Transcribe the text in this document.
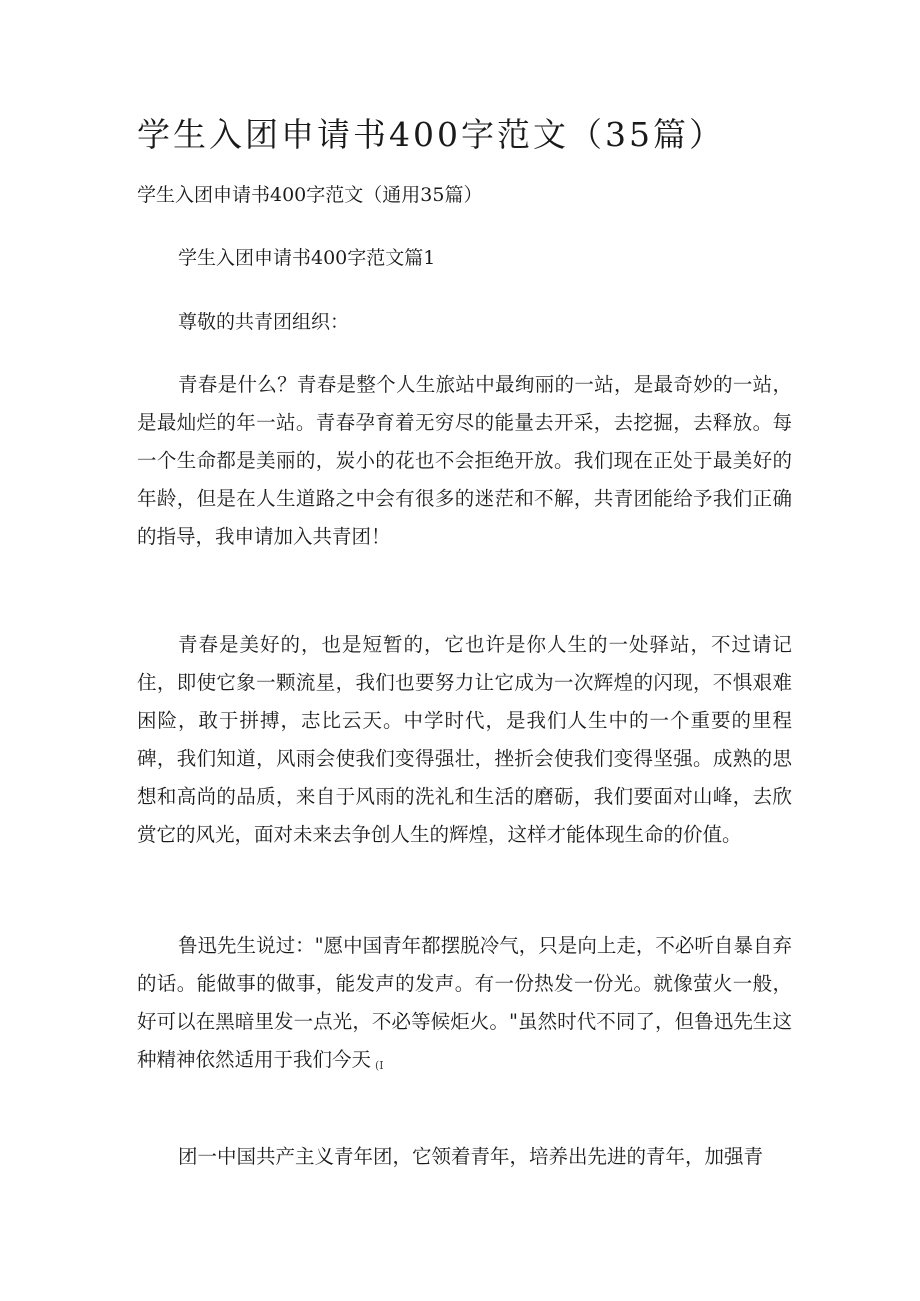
学生入团申请书400字范文（35篇）

学生入团申请书400字范文（通用35篇）

学生入团申请书400字范文篇1

尊敬的共青团组织：

青春是什么？青春是整个人生旅站中最绚丽的一站，是最奇妙的一站，是最灿烂的年一站。青春孕育着无穷尽的能量去开采，去挖掘，去释放。每一个生命都是美丽的，炭小的花也不会拒绝开放。我们现在正处于最美好的年龄，但是在人生道路之中会有很多的迷茫和不解，共青团能给予我们正确的指导，我申请加入共青团！

青春是美好的，也是短暂的，它也许是你人生的一处驿站，不过请记住，即使它象一颗流星，我们也要努力让它成为一次辉煌的闪现，不惧艰难困险，敢于拼搏，志比云天。中学时代，是我们人生中的一个重要的里程碑，我们知道，风雨会使我们变得强壮，挫折会使我们变得坚强。成熟的思想和高尚的品质，来自于风雨的洗礼和生活的磨砺，我们要面对山峰，去欣赏它的风光，面对未来去争创人生的辉煌，这样才能体现生命的价值。

鲁迅先生说过："愿中国青年都摆脱冷气，只是向上走，不必听自暴自弃的话。能做事的做事，能发声的发声。有一份热发一份光。就像萤火一般，好可以在黑暗里发一点光，不必等候炬火。"虽然时代不同了，但鲁迅先生这种精神依然适用于我们今天 (I

团一中国共产主义青年团，它领着青年，培养出先进的青年，加强青
